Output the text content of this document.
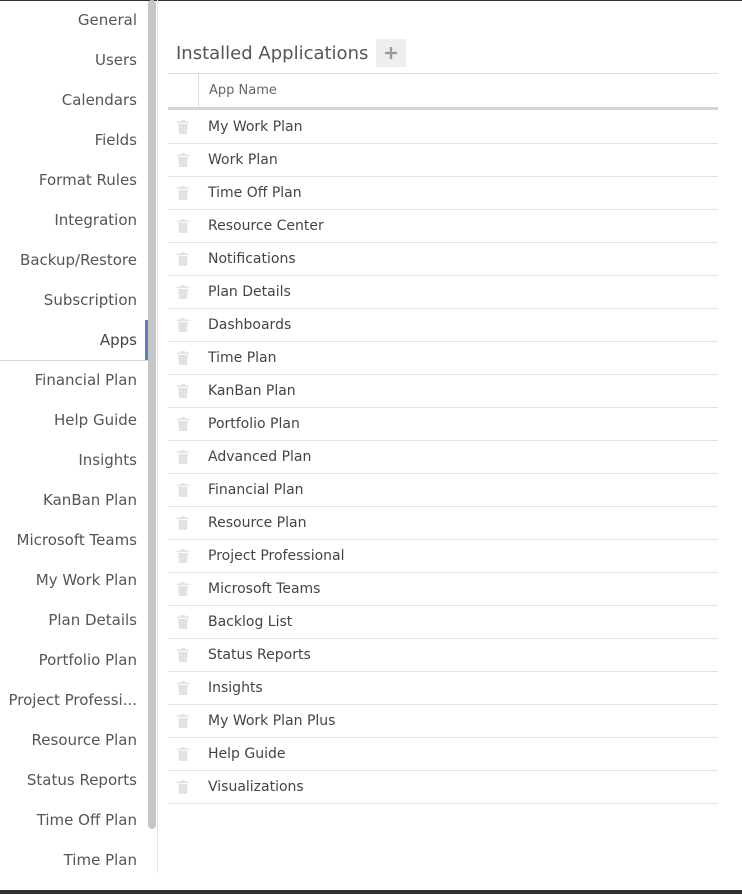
General
Users
Calendars
Fields
Format Rules
Integration
Backup/Restore
Subscription
Apps
Financial Plan
Help Guide
Insights
KanBan Plan
Microsoft Teams
My Work Plan
Plan Details
Portfolio Plan
Project Professi...
Resource Plan
Status Reports
Time Off Plan
Time Plan
Installed Applications
App Name
My Work Plan
Work Plan
Time Off Plan
Resource Center
Notifications
Plan Details
Dashboards
Time Plan
KanBan Plan
Portfolio Plan
Advanced Plan
Financial Plan
Resource Plan
Project Professional
Microsoft Teams
Backlog List
Status Reports
Insights
My Work Plan Plus
Help Guide
Visualizations
